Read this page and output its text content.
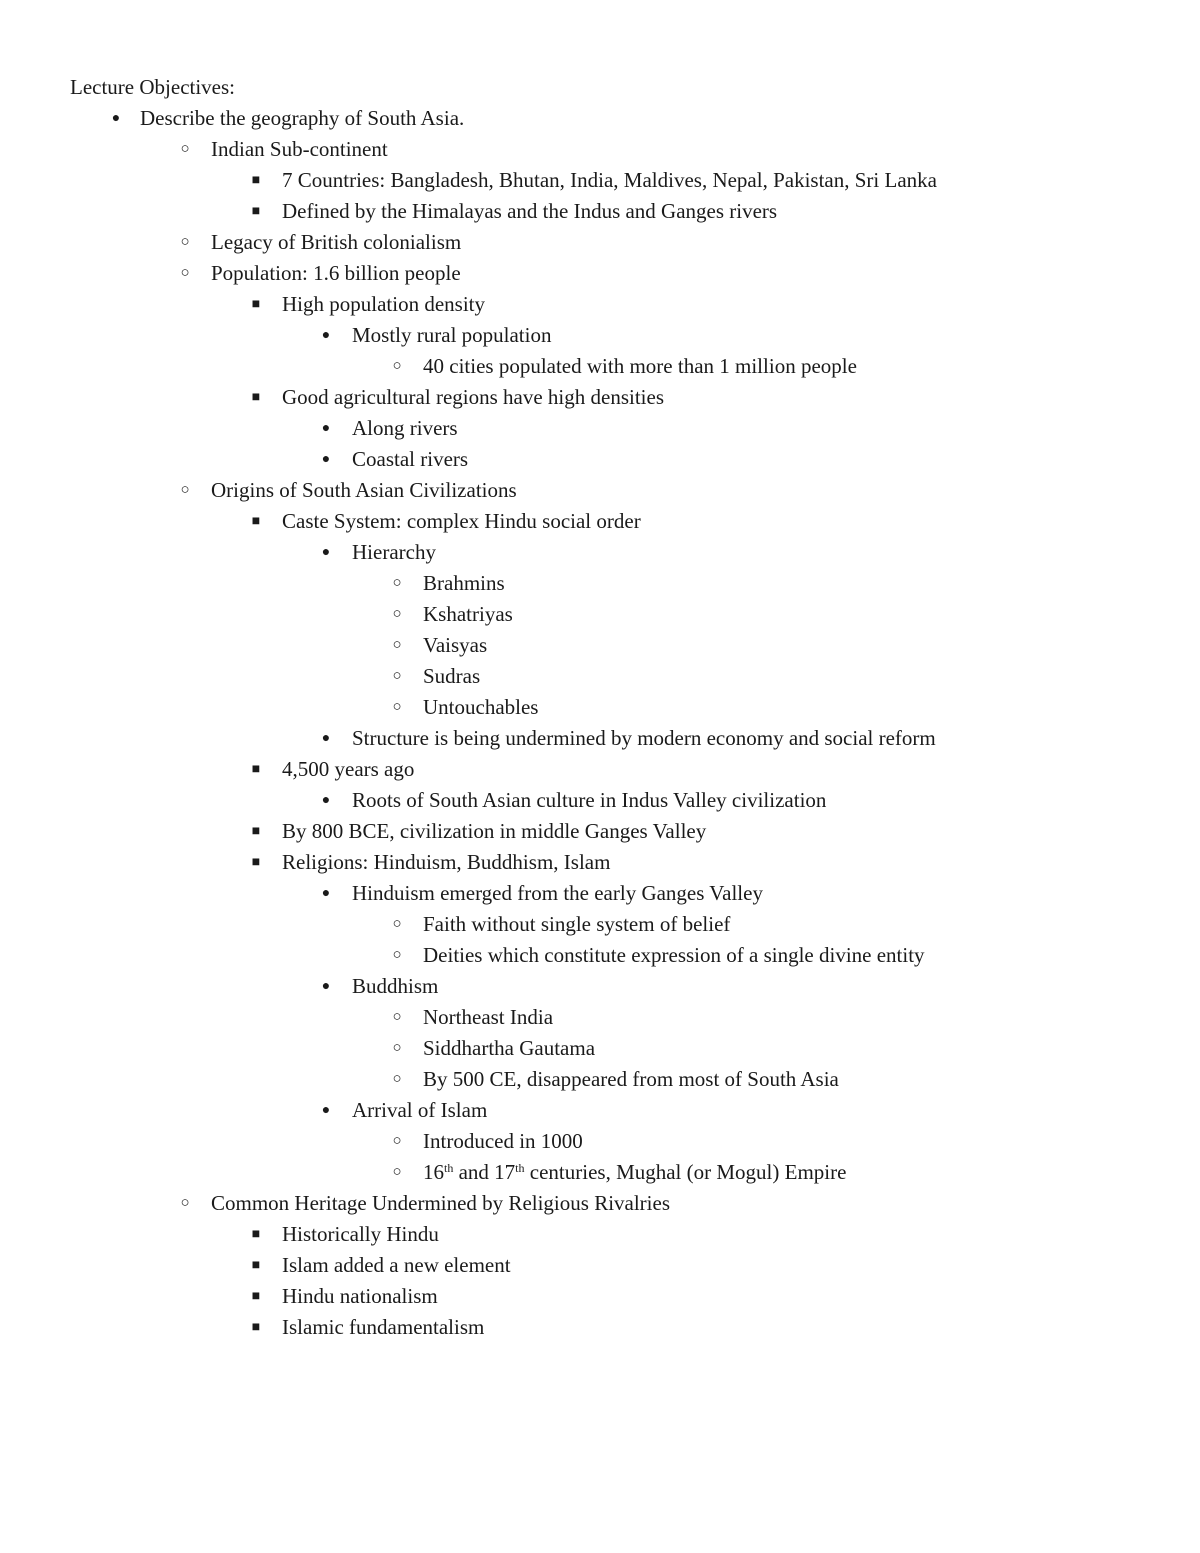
Lecture Objectives:
● Describe the geography of South Asia.
○	Indian Sub-continent
■	7 Countries: Bangladesh, Bhutan, India, Maldives, Nepal, Pakistan, Sri Lanka
■	Defined by the Himalayas and the Indus and Ganges rivers
○	Legacy of British colonialism
○	Population: 1.6 billion people
■	High population density
●	Mostly rural population
○	40 cities populated with more than 1 million people
■	Good agricultural regions have high densities
●	Along rivers
●	Coastal rivers
○	Origins of South Asian Civilizations
■	Caste System: complex Hindu social order
●	Hierarchy
○	Brahmins
○	Kshatriyas
○	Vaisyas
○	Sudras
○	Untouchables
●	Structure is being undermined by modern economy and social reform
■	4,500 years ago
●	Roots of South Asian culture in Indus Valley civilization
■	By 800 BCE, civilization in middle Ganges Valley
■	Religions: Hinduism, Buddhism, Islam
●	Hinduism emerged from the early Ganges Valley
○	Faith without single system of belief
○	Deities which constitute expression of a single divine entity
●	Buddhism
○	Northeast India
○	Siddhartha Gautama
○	By 500 CE, disappeared from most of South Asia
●	Arrival of Islam
○	Introduced in 1000
○	16th and 17th centuries, Mughal (or Mogul) Empire
○	Common Heritage Undermined by Religious Rivalries
■	Historically Hindu
■	Islam added a new element
■	Hindu nationalism
■	Islamic fundamentalism
